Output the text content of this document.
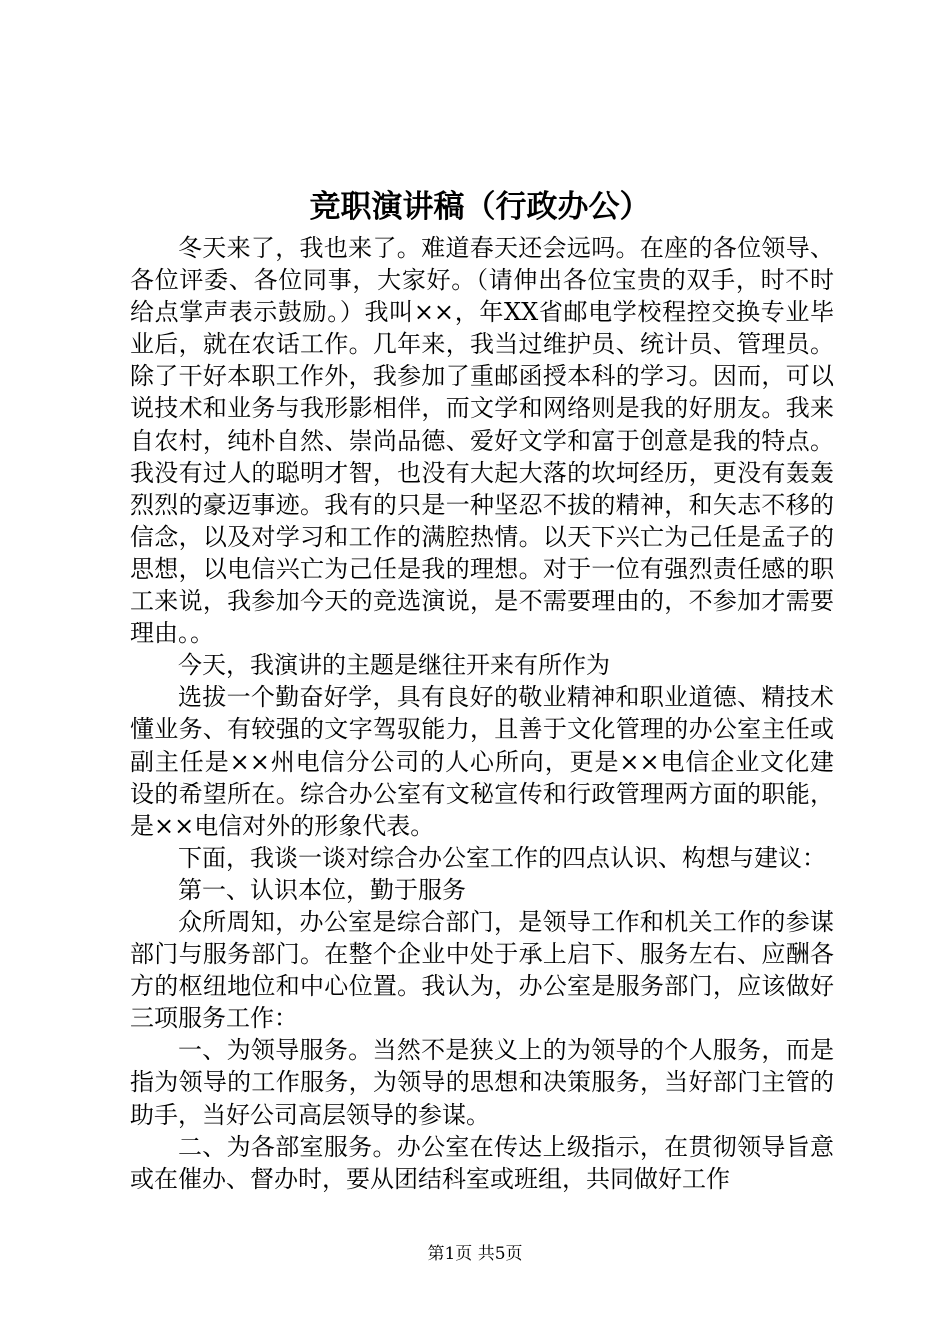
竞职演讲稿（行政办公）

冬天来了，我也来了。难道春天还会远吗。在座的各位领导、各位评委、各位同事，大家好。（请伸出各位宝贵的双手，时不时给点掌声表示鼓励。）我叫××，年XX省邮电学校程控交换专业毕业后，就在农话工作。几年来，我当过维护员、统计员、管理员。除了干好本职工作外，我参加了重邮函授本科的学习。因而，可以说技术和业务与我形影相伴，而文学和网络则是我的好朋友。我来自农村，纯朴自然、崇尚品德、爱好文学和富于创意是我的特点。我没有过人的聪明才智，也没有大起大落的坎坷经历，更没有轰轰烈烈的豪迈事迹。我有的只是一种坚忍不拔的精神，和矢志不移的信念，以及对学习和工作的满腔热情。以天下兴亡为己任是孟子的思想，以电信兴亡为己任是我的理想。对于一位有强烈责任感的职工来说，我参加今天的竞选演说，是不需要理由的，不参加才需要理由。。

今天，我演讲的主题是继往开来有所作为

选拔一个勤奋好学，具有良好的敬业精神和职业道德、精技术懂业务、有较强的文字驾驭能力，且善于文化管理的办公室主任或副主任是××州电信分公司的人心所向，更是××电信企业文化建设的希望所在。综合办公室有文秘宣传和行政管理两方面的职能，是××电信对外的形象代表。

下面，我谈一谈对综合办公室工作的四点认识、构想与建议：

第一、认识本位，勤于服务

众所周知，办公室是综合部门，是领导工作和机关工作的参谋部门与服务部门。在整个企业中处于承上启下、服务左右、应酬各方的枢纽地位和中心位置。我认为，办公室是服务部门，应该做好三项服务工作：

一、为领导服务。当然不是狭义上的为领导的个人服务，而是指为领导的工作服务，为领导的思想和决策服务，当好部门主管的助手，当好公司高层领导的参谋。

二、为各部室服务。办公室在传达上级指示，在贯彻领导旨意或在催办、督办时，要从团结科室或班组，共同做好工作

第1页 共5页
